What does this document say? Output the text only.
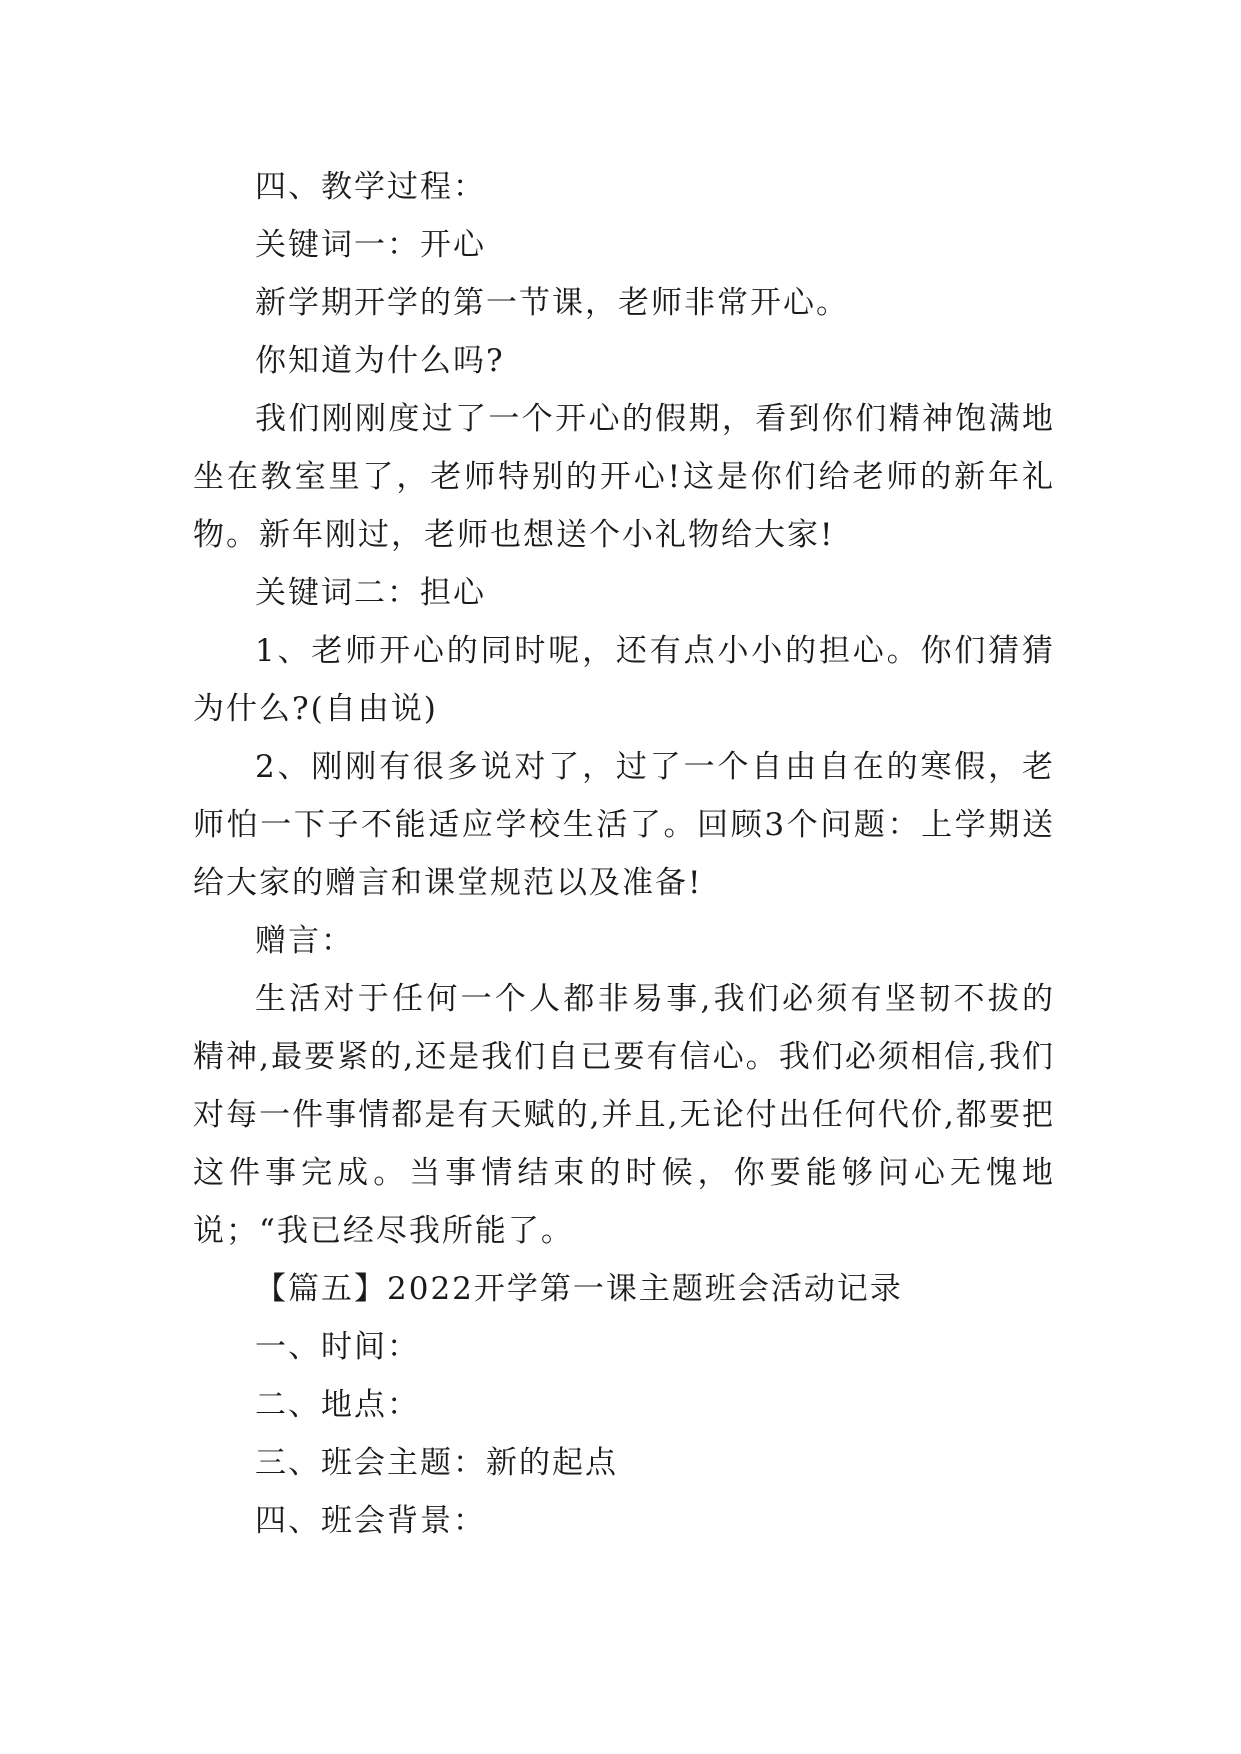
四、教学过程：

关键词一：开心

新学期开学的第一节课，老师非常开心。

你知道为什么吗?

我们刚刚度过了一个开心的假期，看到你们精神饱满地坐在教室里了，老师特别的开心!这是你们给老师的新年礼物。新年刚过，老师也想送个小礼物给大家!

关键词二：担心

1、老师开心的同时呢，还有点小小的担心。你们猜猜为什么?(自由说)

2、刚刚有很多说对了，过了一个自由自在的寒假，老师怕一下子不能适应学校生活了。回顾3个问题：上学期送给大家的赠言和课堂规范以及准备!

赠言：

生活对于任何一个人都非易事,我们必须有坚韧不拔的精神,最要紧的,还是我们自已要有信心。我们必须相信,我们对每一件事情都是有天赋的,并且,无论付出任何代价,都要把这件事完成。当事情结束的时候，你要能够问心无愧地说；“我已经尽我所能了。

【篇五】2022开学第一课主题班会活动记录

一、时间：

二、地点：

三、班会主题：新的起点

四、班会背景：
